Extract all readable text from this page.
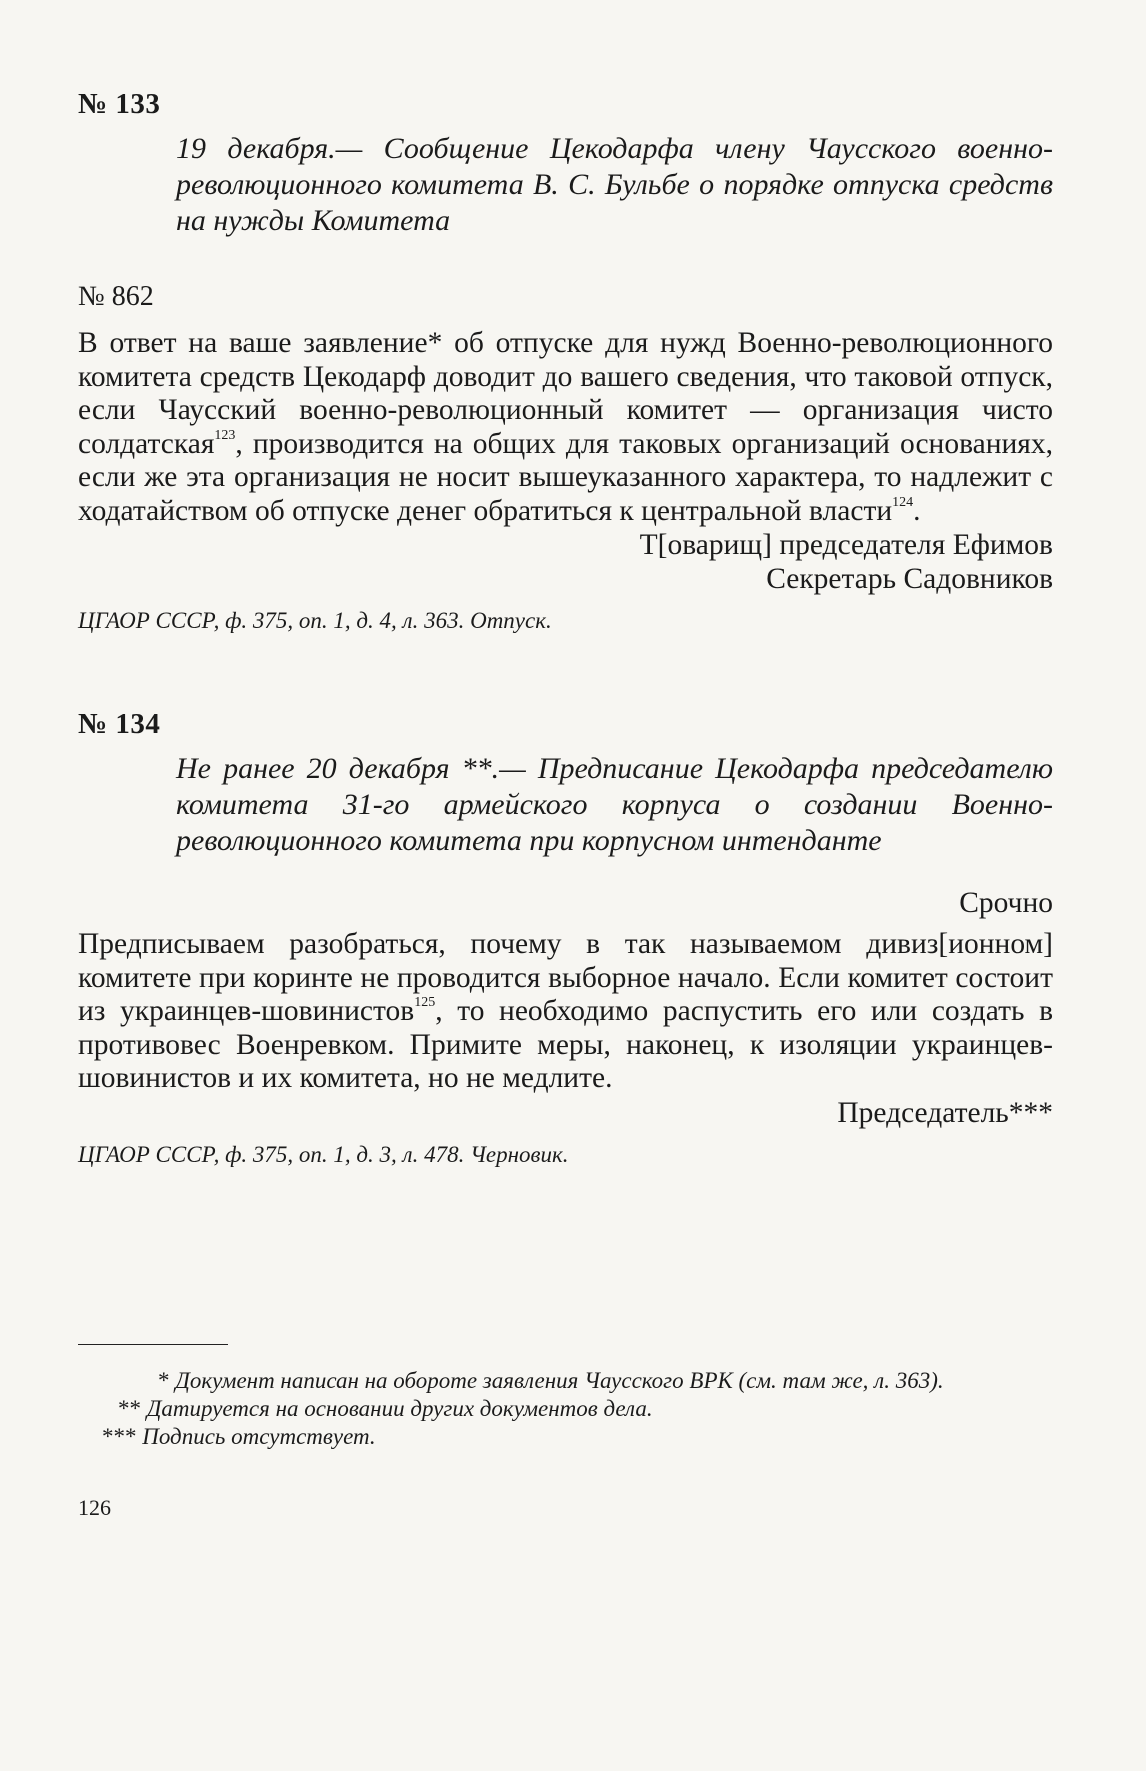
№ 133

19 декабря.— Сообщение Цекодарфа члену Чаусского военно-революционного комитета В. С. Бульбе о порядке отпуска средств на нужды Комитета

№ 862

В ответ на ваше заявление* об отпуске для нужд Военно-революционного комитета средств Цекодарф доводит до вашего сведения, что таковой отпуск, если Чаусский военно-революционный комитет — организация чисто солдатская$^{123}$, производится на общих для таковых организаций основаниях, если же эта организация не носит вышеуказанного характера, то надлежит с ходатайством об отпуске денег обратиться к центральной власти$^{124}$.

Т[оварищ] председателя Ефимов

Секретарь Садовников

ЦГАОР СССР, ф. 375, оп. 1, д. 4, л. 363. Отпуск.

№ 134

Не ранее 20 декабря **.— Предписание Цекодарфа председателю комитета 31-го армейского корпуса о создании Военно-революционного комитета при корпусном интенданте

Срочно

Предписываем разобраться, почему в так называемом дивиз[ионном] комитете при коринте не проводится выборное начало. Если комитет состоит из украинцев-шовинистов$^{125}$, то необходимо распустить его или создать в противовес Военревком. Примите меры, наконец, к изоляции украинцев-шовинистов и их комитета, но не медлите.

Председатель***

ЦГАОР СССР, ф. 375, оп. 1, д. 3, л. 478. Черновик.

* Документ написан на обороте заявления Чаусского ВРК (см. там же, л. 363).

** Датируется на основании других документов дела.

*** Подпись отсутствует.

126
